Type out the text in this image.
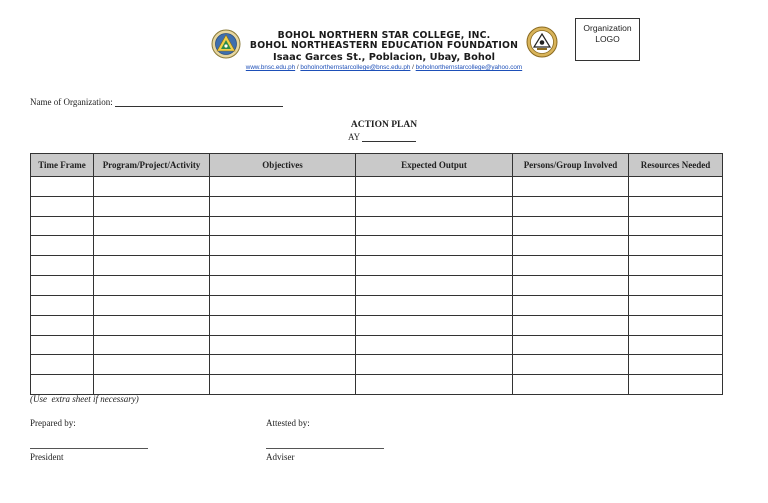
BOHOL NORTHERN STAR COLLEGE, INC.
BOHOL NORTHEASTERN EDUCATION FOUNDATION
Isaac Garces St., Poblacion, Ubay, Bohol
www.bnsc.edu.ph / boholnorthernstarcollege@bnsc.edu.ph / boholnorthernstarcollege@yahoo.com
Organization
LOGO
Name of Organization:
ACTION PLAN
AY
Time Frame	Program/Project/Activity	Objectives	Expected Output	Persons/Group Involved	Resources Needed

(Use  extra sheet if necessary)
Prepared by:	Attested by:
President	Adviser
